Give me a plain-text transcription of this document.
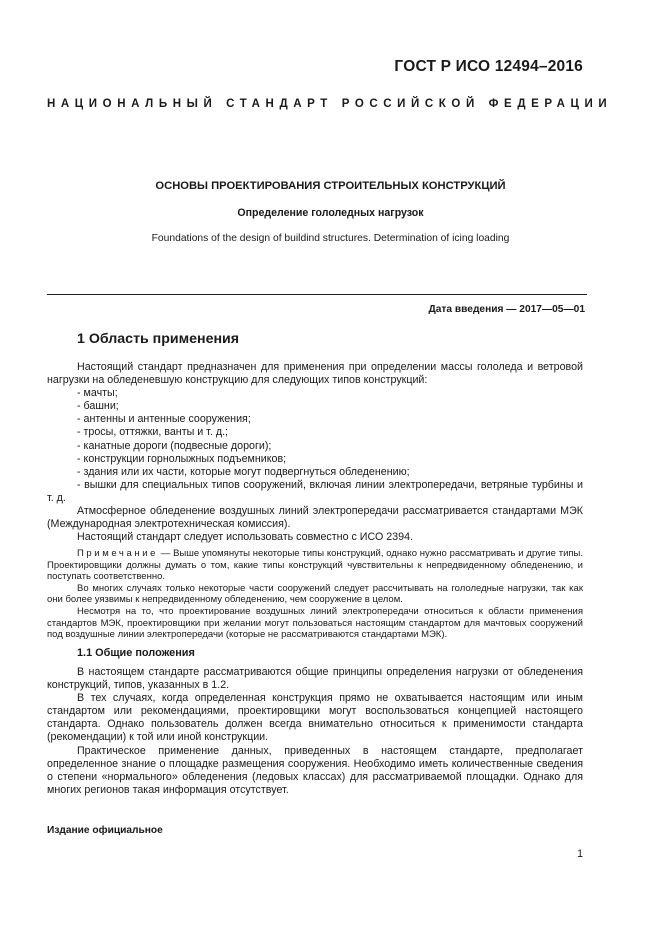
ГОСТ Р ИСО 12494–2016
НАЦИОНАЛЬНЫЙ СТАНДАРТ РОССИЙСКОЙ ФЕДЕРАЦИИ
ОСНОВЫ ПРОЕКТИРОВАНИЯ СТРОИТЕЛЬНЫХ КОНСТРУКЦИЙ
Определение гололедных нагрузок
Foundations of the design of buildind structures. Determination of icing loading
Дата введения — 2017—05—01
1 Область применения

Настоящий стандарт предназначен для применения при определении массы гололеда и ветровой нагрузки на обледеневшую конструкцию для следующих типов конструкций:

- мачты;

- башни;

- антенны и антенные сооружения;

- тросы, оттяжки, ванты и т. д.;

- канатные дороги (подвесные дороги);

- конструкции горнолыжных подъемников;

- здания или их части, которые могут подвергнуться обледенению;

- вышки для специальных типов сооружений, включая линии электропередачи, ветряные турбины и т. д.

Атмосферное обледенение воздушных линий электропередачи рассматривается стандартами МЭК (Международная электротехническая комиссия).

Настоящий стандарт следует использовать совместно с ИСО 2394.

Примечание — Выше упомянуты некоторые типы конструкций, однако нужно рассматривать и другие типы. Проектировщики должны думать о том, какие типы конструкций чувствительны к непредвиденному обледенению, и поступать соответственно.

Во многих случаях только некоторые части сооружений следует рассчитывать на гололедные нагрузки, так как они более уязвимы к непредвиденному обледенению, чем сооружение в целом.

Несмотря на то, что проектирование воздушных линий электропередачи относиться к области применения стандартов МЭК, проектировщики при желании могут пользоваться настоящим стандартом для мачтовых сооружений под воздушные линии электропередачи (которые не рассматриваются стандартами МЭК).

1.1 Общие положения

В настоящем стандарте рассматриваются общие принципы определения нагрузки от обледенения конструкций, типов, указанных в 1.2.

В тех случаях, когда определенная конструкция прямо не охватывается настоящим или иным стандартом или рекомендациями, проектировщики могут воспользоваться концепцией настоящего стандарта. Однако пользователь должен всегда внимательно относиться к применимости стандарта (рекомендации) к той или иной конструкции.

Практическое применение данных, приведенных в настоящем стандарте, предполагает определенное знание о площадке размещения сооружения. Необходимо иметь количественные сведения о степени «нормального» обледенения (ледовых классах) для рассматриваемой площадки. Однако для многих регионов такая информация отсутствует.

Издание официальное
1
